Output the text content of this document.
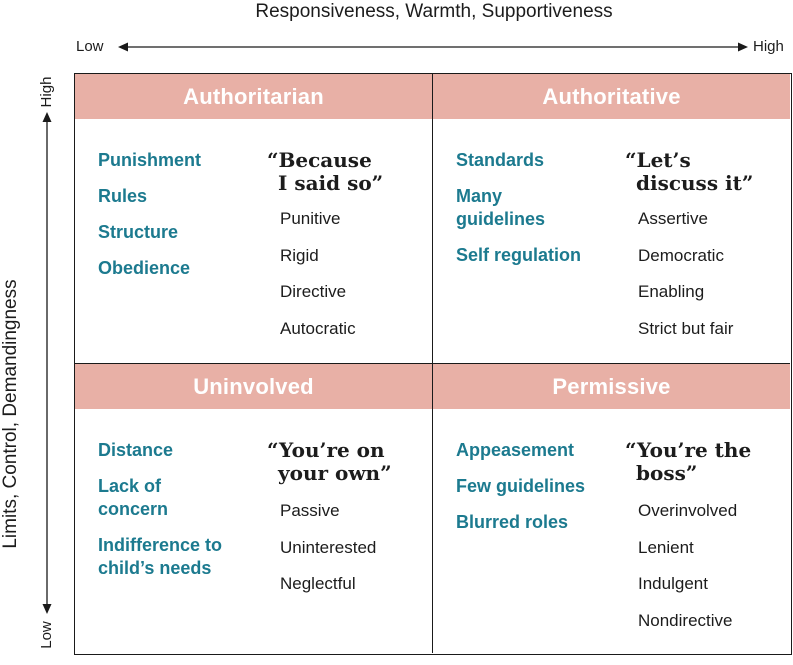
Responsiveness, Warmth, Supportiveness
Low	High
Limits, Control, Demandingness
High
Low
Authoritarian
Punishment
Rules
Structure
Obedience

“Because
I said so”

Punitive
Rigid
Directive
Autocratic
Authoritative
Standards
Many guidelines
Self regulation

“Let’s
discuss it”

Assertive
Democratic
Enabling
Strict but fair
Uninvolved
Distance
Lack of concern
Indifference to child’s needs

“You’re on
your own”

Passive
Uninterested
Neglectful
Permissive
Appeasement
Few guidelines
Blurred roles

“You’re the
boss”

Overinvolved
Lenient
Indulgent
Nondirective
